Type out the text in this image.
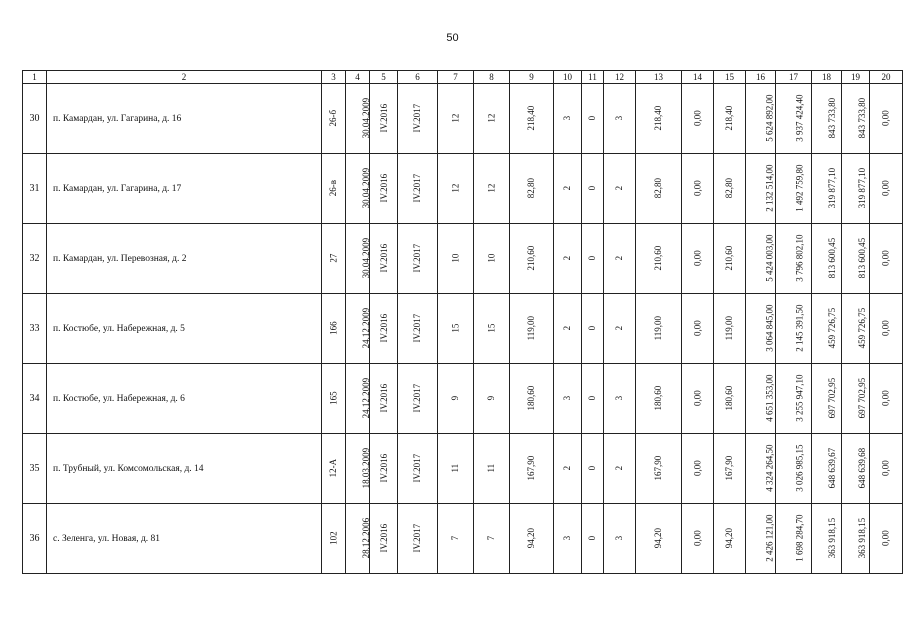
50
1	2	3	4	5	6	7	8	9	10	11	12	13	14	15	16	17	18	19	20
30	п. Камардан, ул. Гагарина, д. 16	26-б	30.04.2009	IV.2016	IV.2017	12	12	218,40	3	0	3	218,40	0,00	218,40	5 624 892,00	3 937 424,40	843 733,80	843 733,80	0,00
31	п. Камардан, ул. Гагарина, д. 17	26-в	30.04.2009	IV.2016	IV.2017	12	12	82,80	2	0	2	82,80	0,00	82,80	2 132 514,00	1 492 759,80	319 877,10	319 877,10	0,00
32	п. Камардан, ул. Перевозная, д. 2	27	30.04.2009	IV.2016	IV.2017	10	10	210,60	2	0	2	210,60	0,00	210,60	5 424 003,00	3 796 802,10	813 600,45	813 600,45	0,00
33	п. Костюбе, ул. Набережная, д. 5	166	24.12.2009	IV.2016	IV.2017	15	15	119,00	2	0	2	119,00	0,00	119,00	3 064 845,00	2 145 391,50	459 726,75	459 726,75	0,00
34	п. Костюбе, ул. Набережная, д. 6	165	24.12.2009	IV.2016	IV.2017	9	9	180,60	3	0	3	180,60	0,00	180,60	4 651 353,00	3 255 947,10	697 702,95	697 702,95	0,00
35	п. Трубный, ул. Комсомольская, д. 14	12-А	18.03.2009	IV.2016	IV.2017	11	11	167,90	2	0	2	167,90	0,00	167,90	4 324 264,50	3 026 985,15	648 639,67	648 639,68	0,00
36	с. Зеленга, ул. Новая, д. 81	102	28.12.2006	IV.2016	IV.2017	7	7	94,20	3	0	3	94,20	0,00	94,20	2 426 121,00	1 698 284,70	363 918,15	363 918,15	0,00
